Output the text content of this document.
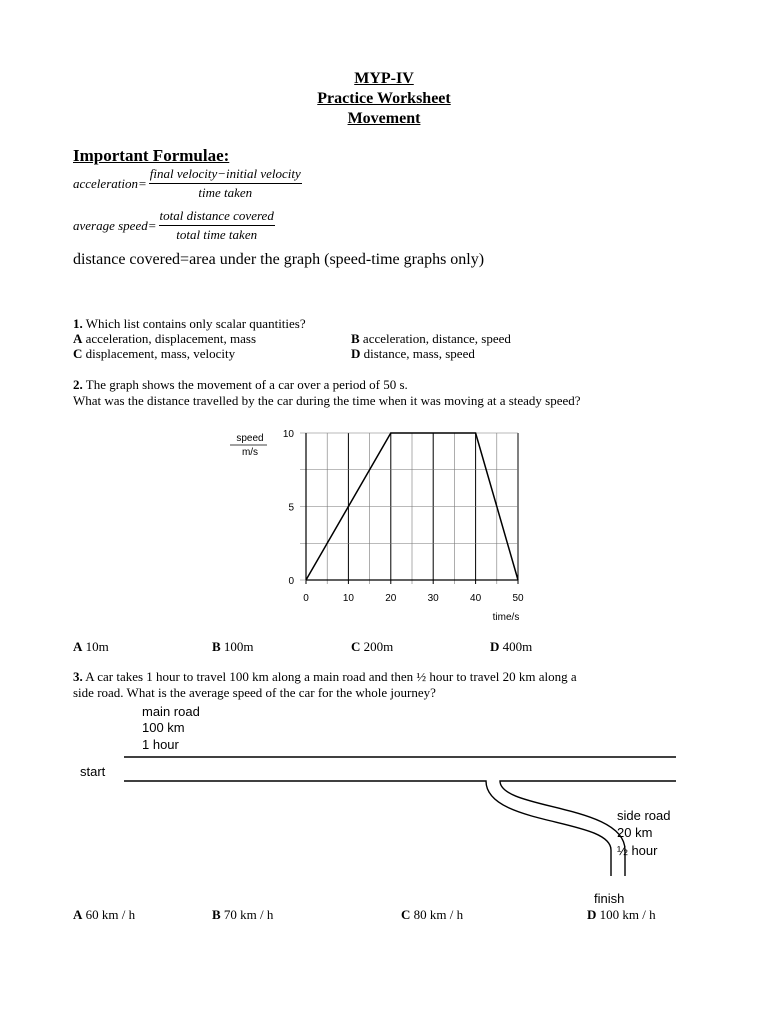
MYP-IV
Practice Worksheet
Movement
Important Formulae:
acceleration= $\frac{\text{final velocity−initial velocity}}{\text{time taken}}$
average speed= $\frac{\text{total distance covered}}{\text{total time taken}}$
distance covered=area under the graph (speed-time graphs only)
1. Which list contains only scalar quantities?
A acceleration, displacement, mass	B acceleration, distance, speed
C displacement, mass, velocity	D distance, mass, speed
2. The graph shows the movement of a car over a period of 50 s.
What was the distance travelled by the car during the time when it was moving at a steady speed?
speed
m/s
time/s
0	10	20	30	40	50
0
5
10
A 10m	B 100m	C 200m	D 400m
3. A car takes 1 hour to travel 100 km along a main road and then ½ hour to travel 20 km along a
side road. What is the average speed of the car for the whole journey?
main road
100 km
1 hour
start
side road
20 km
½ hour
finish
A 60 km / h	B 70 km / h	C 80 km / h	D 100 km / h
